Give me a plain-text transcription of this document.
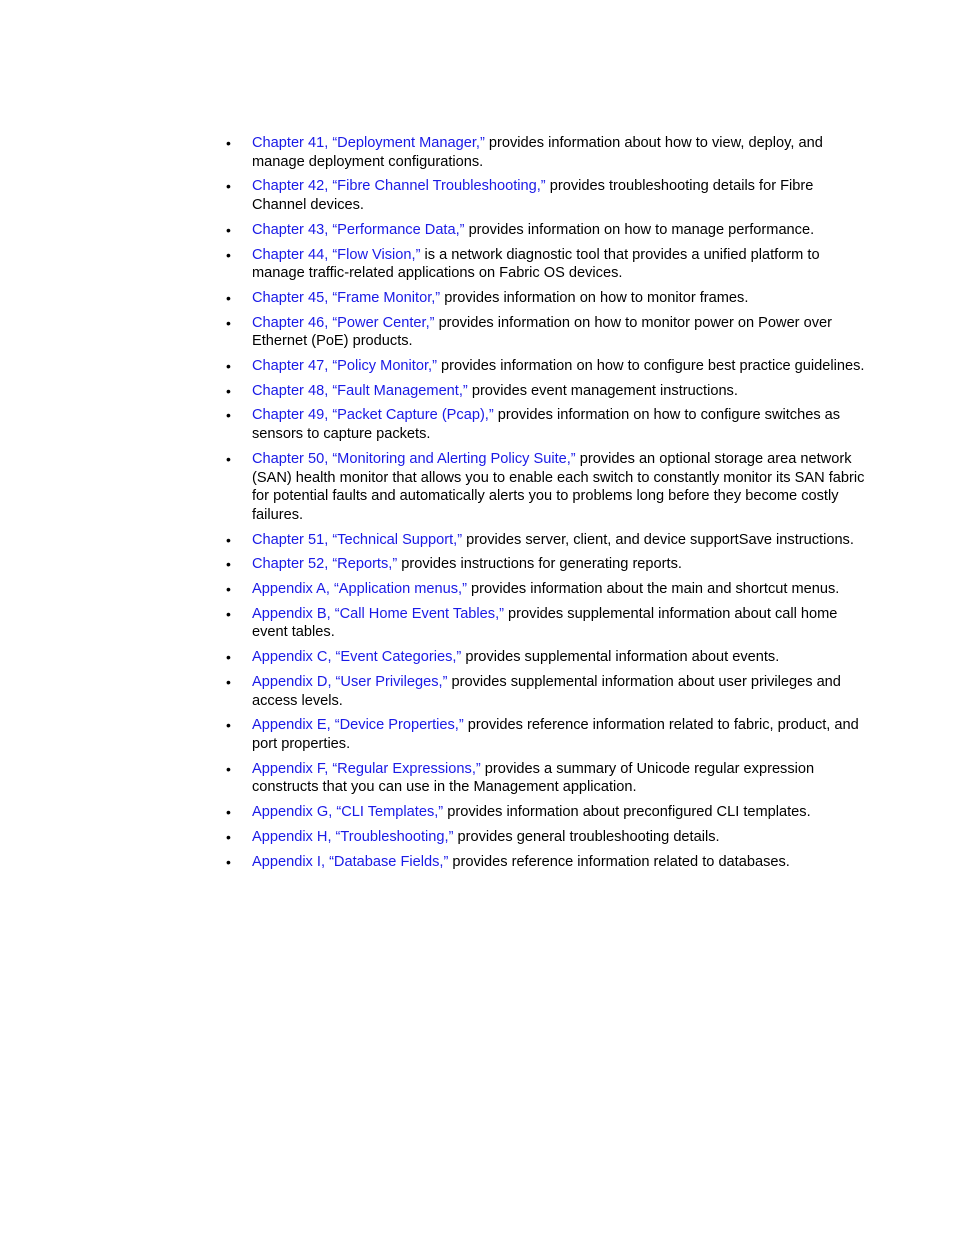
•	Chapter 41, “Deployment Manager,” provides information about how to view, deploy, and manage deployment configurations.
•	Chapter 42, “Fibre Channel Troubleshooting,” provides troubleshooting details for Fibre Channel devices.
•	Chapter 43, “Performance Data,” provides information on how to manage performance.
•	Chapter 44, “Flow Vision,” is a network diagnostic tool that provides a unified platform to manage traffic-related applications on Fabric OS devices.
•	Chapter 45, “Frame Monitor,” provides information on how to monitor frames.
•	Chapter 46, “Power Center,” provides information on how to monitor power on Power over Ethernet (PoE) products.
•	Chapter 47, “Policy Monitor,” provides information on how to configure best practice guidelines.
•	Chapter 48, “Fault Management,” provides event management instructions.
•	Chapter 49, “Packet Capture (Pcap),” provides information on how to configure switches as sensors to capture packets.
•	Chapter 50, “Monitoring and Alerting Policy Suite,” provides an optional storage area network (SAN) health monitor that allows you to enable each switch to constantly monitor its SAN fabric for potential faults and automatically alerts you to problems long before they become costly failures.
•	Chapter 51, “Technical Support,” provides server, client, and device supportSave instructions.
•	Chapter 52, “Reports,” provides instructions for generating reports.
•	Appendix A, “Application menus,” provides information about the main and shortcut menus.
•	Appendix B, “Call Home Event Tables,” provides supplemental information about call home event tables.
•	Appendix C, “Event Categories,” provides supplemental information about events.
•	Appendix D, “User Privileges,” provides supplemental information about user privileges and access levels.
•	Appendix E, “Device Properties,” provides reference information related to fabric, product, and port properties.
•	Appendix F, “Regular Expressions,” provides a summary of Unicode regular expression constructs that you can use in the Management application.
•	Appendix G, “CLI Templates,” provides information about preconfigured CLI templates.
•	Appendix H, “Troubleshooting,” provides general troubleshooting details.
•	Appendix I, “Database Fields,” provides reference information related to databases.
